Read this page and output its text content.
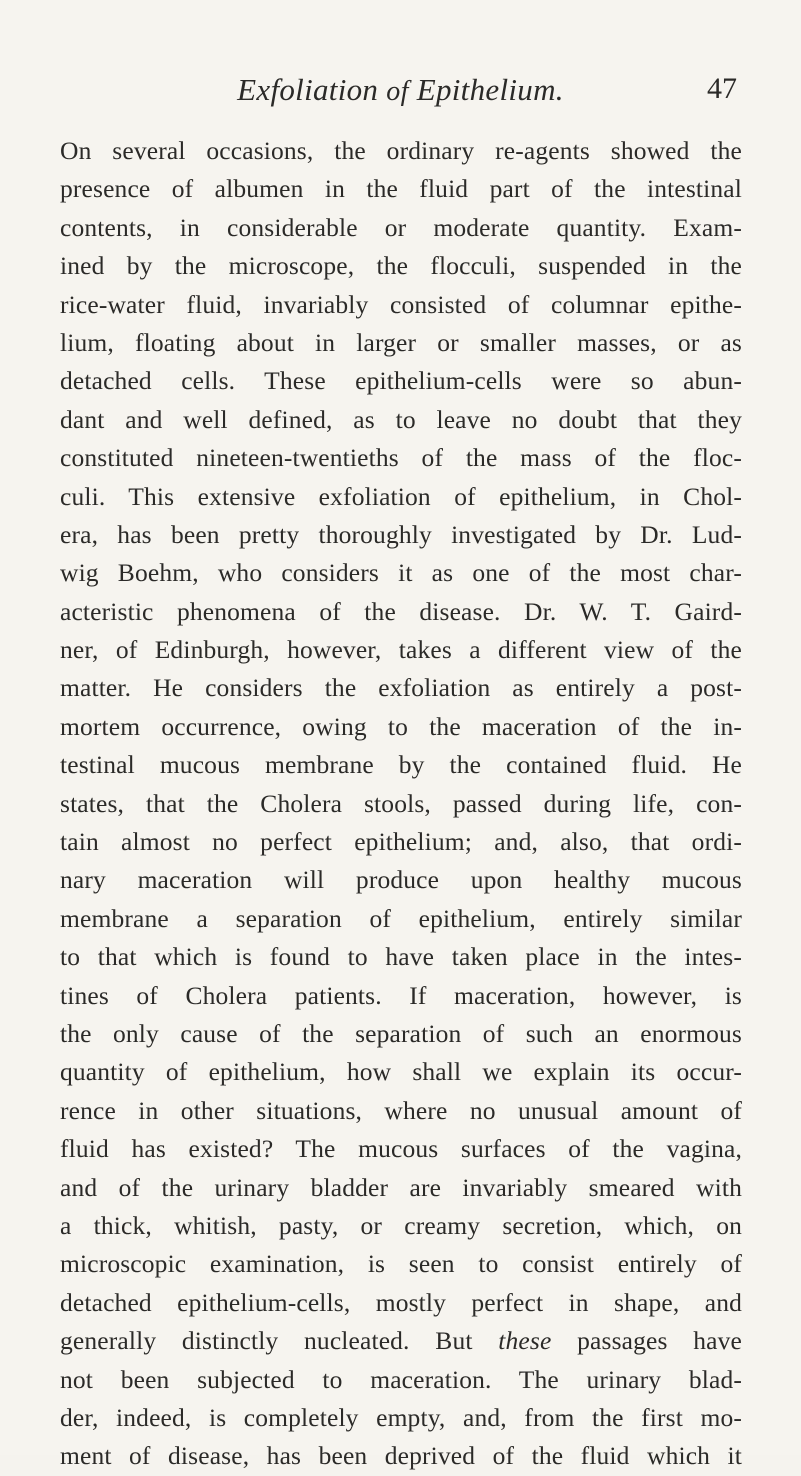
Exfoliation of Epithelium.	47
On several occasions, the ordinary re-agents showed the
presence of albumen in the fluid part of the intestinal
contents, in considerable or moderate quantity. Exam-
ined by the microscope, the flocculi, suspended in the
rice-water fluid, invariably consisted of columnar epithe-
lium, floating about in larger or smaller masses, or as
detached cells. These epithelium-cells were so abun-
dant and well defined, as to leave no doubt that they
constituted nineteen-twentieths of the mass of the floc-
culi. This extensive exfoliation of epithelium, in Chol-
era, has been pretty thoroughly investigated by Dr. Lud-
wig Boehm, who considers it as one of the most char-
acteristic phenomena of the disease. Dr. W. T. Gaird-
ner, of Edinburgh, however, takes a different view of the
matter. He considers the exfoliation as entirely a post-
mortem occurrence, owing to the maceration of the in-
testinal mucous membrane by the contained fluid. He
states, that the Cholera stools, passed during life, con-
tain almost no perfect epithelium; and, also, that ordi-
nary maceration will produce upon healthy mucous
membrane a separation of epithelium, entirely similar
to that which is found to have taken place in the intes-
tines of Cholera patients. If maceration, however, is
the only cause of the separation of such an enormous
quantity of epithelium, how shall we explain its occur-
rence in other situations, where no unusual amount of
fluid has existed? The mucous surfaces of the vagina,
and of the urinary bladder are invariably smeared with
a thick, whitish, pasty, or creamy secretion, which, on
microscopic examination, is seen to consist entirely of
detached epithelium-cells, mostly perfect in shape, and
generally distinctly nucleated. But these passages have
not been subjected to maceration. The urinary blad-
der, indeed, is completely empty, and, from the first mo-
ment of disease, has been deprived of the fluid which it
